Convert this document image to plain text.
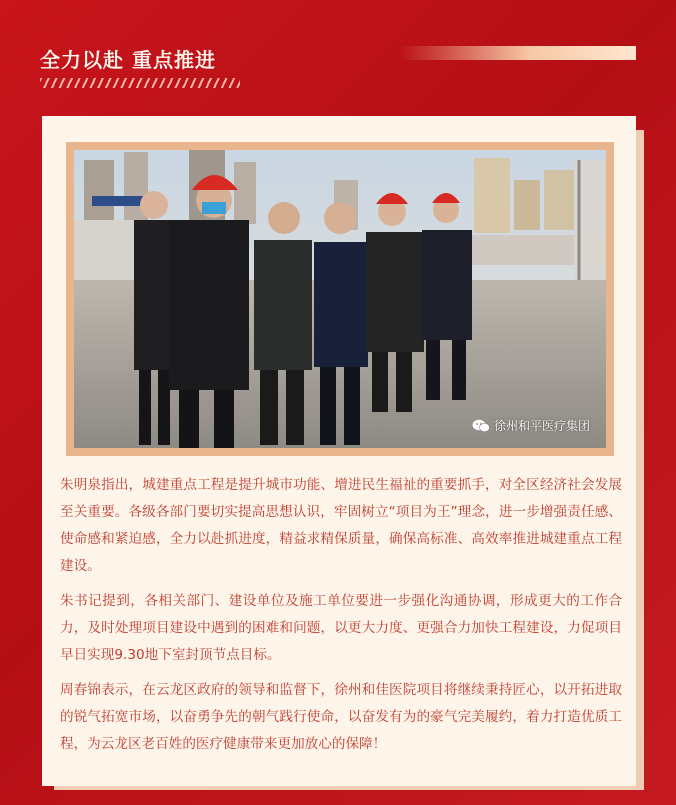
全力以赴 重点推进
徐州和平医疗集团

朱明泉指出，城建重点工程是提升城市功能、增进民生福祉的重要抓手，对全区经济社会发展至关重要。各级各部门要切实提高思想认识，牢固树立“项目为王”理念，进一步增强责任感、使命感和紧迫感，全力以赴抓进度，精益求精保质量，确保高标准、高效率推进城建重点工程建设。

朱书记提到，各相关部门、建设单位及施工单位要进一步强化沟通协调，形成更大的工作合力，及时处理项目建设中遇到的困难和问题，以更大力度、更强合力加快工程建设，力促项目早日实现9.30地下室封顶节点目标。

周春锦表示，在云龙区政府的领导和监督下，徐州和佳医院项目将继续秉持匠心，以开拓进取的锐气拓宽市场，以奋勇争先的朝气践行使命，以奋发有为的豪气完美履约，着力打造优质工程，为云龙区老百姓的医疗健康带来更加放心的保障！
